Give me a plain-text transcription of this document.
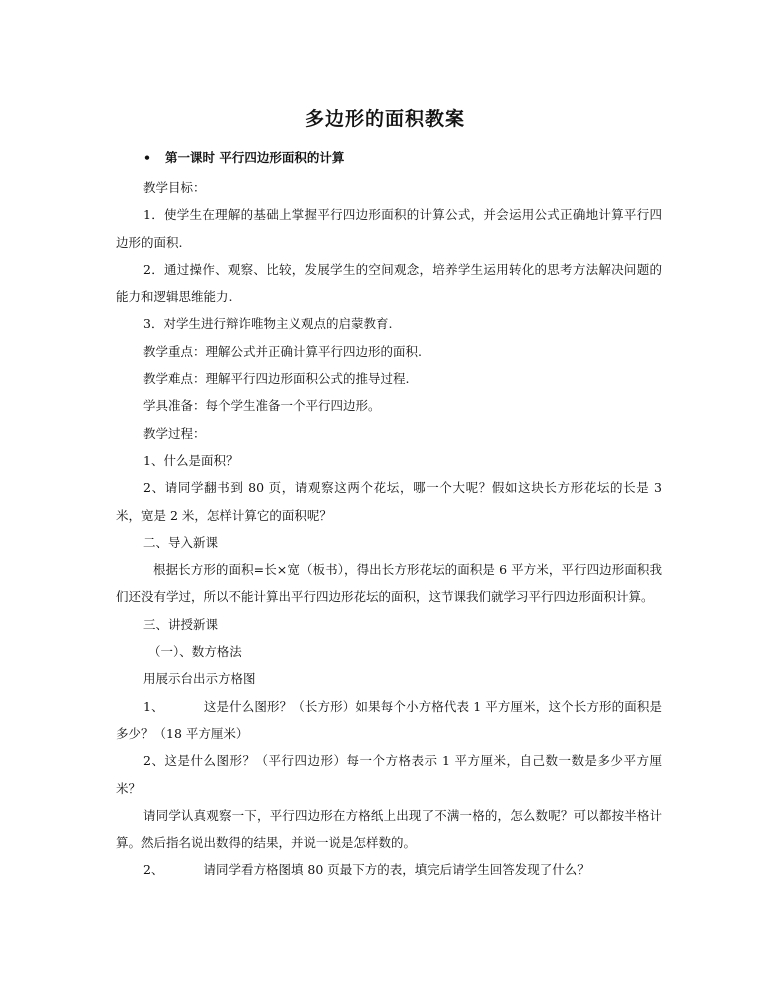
多边形的面积教案
• 第一课时 平行四边形面积的计算

教学目标：

1．使学生在理解的基础上掌握平行四边形面积的计算公式，并会运用公式正确地计算平行四边形的面积.

2．通过操作、观察、比较，发展学生的空间观念，培养学生运用转化的思考方法解决问题的能力和逻辑思维能力.

3．对学生进行辩诈唯物主义观点的启蒙教育.

教学重点：理解公式并正确计算平行四边形的面积.

教学难点：理解平行四边形面积公式的推导过程.

学具准备：每个学生准备一个平行四边形。

教学过程：

1、什么是面积？

2、请同学翻书到 80 页，请观察这两个花坛，哪一个大呢？假如这块长方形花坛的长是 3 米，宽是 2 米，怎样计算它的面积呢？

二、导入新课

根据长方形的面积=长×宽（板书），得出长方形花坛的面积是 6 平方米，平行四边形面积我们还没有学过，所以不能计算出平行四边形花坛的面积，这节课我们就学习平行四边形面积计算。

三、讲授新课

（一）、数方格法

用展示台出示方格图

1、	这是什么图形？（长方形）如果每个小方格代表 1 平方厘米，这个长方形的面积是多少？（18 平方厘米）

2、这是什么图形？（平行四边形）每一个方格表示 1 平方厘米，自己数一数是多少平方厘米？

请同学认真观察一下，平行四边形在方格纸上出现了不满一格的，怎么数呢？可以都按半格计算。然后指名说出数得的结果，并说一说是怎样数的。

2、	请同学看方格图填 80 页最下方的表，填完后请学生回答发现了什么？
